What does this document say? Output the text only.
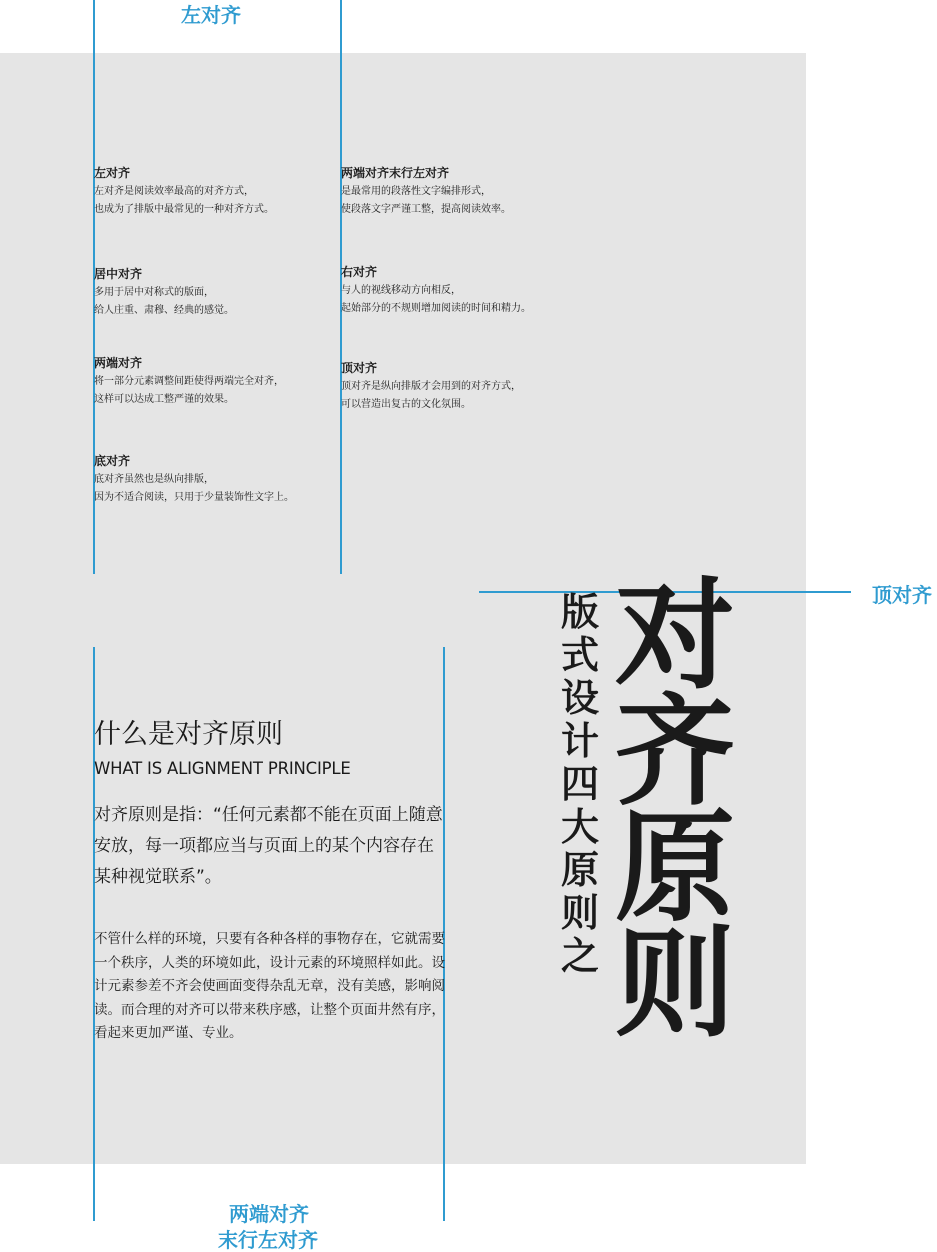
左对齐
顶对齐
两端对齐
末行左对齐
左对齐
左对齐是阅读效率最高的对齐方式，
也成为了排版中最常见的一种对齐方式。
居中对齐
多用于居中对称式的版面，
给人庄重、肃穆、经典的感觉。
两端对齐
将一部分元素调整间距使得两端完全对齐，
这样可以达成工整严谨的效果。
底对齐
底对齐虽然也是纵向排版，
因为不适合阅读，只用于少量装饰性文字上。
两端对齐末行左对齐
是最常用的段落性文字编排形式，
使段落文字严谨工整，提高阅读效率。
右对齐
与人的视线移动方向相反，
起始部分的不规则增加阅读的时间和精力。
顶对齐
顶对齐是纵向排版才会用到的对齐方式，
可以营造出复古的文化氛围。
什么是对齐原则
WHAT IS ALIGNMENT PRINCIPLE
对齐原则是指：“任何元素都不能在页面上随意安放，每一项都应当与页面上的某个内容存在某种视觉联系”。
不管什么样的环境，只要有各种各样的事物存在，它就需要一个秩序，人类的环境如此，设计元素的环境照样如此。设计元素参差不齐会使画面变得杂乱无章，没有美感，影响阅读。而合理的对齐可以带来秩序感，让整个页面井然有序，看起来更加严谨、专业。
版式设计四大原则之
对齐原则
